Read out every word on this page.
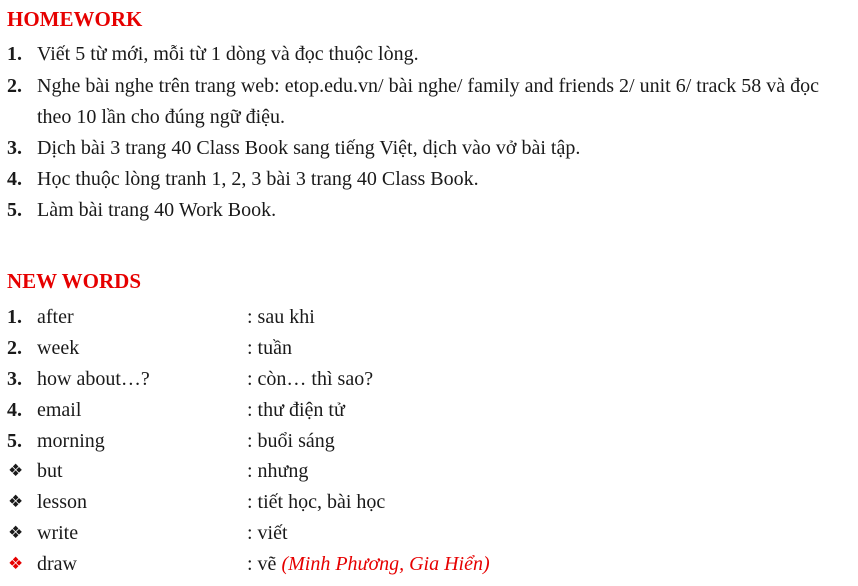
HOMEWORK
1. Viết 5 từ mới, mỗi từ 1 dòng và đọc thuộc lòng.
2. Nghe bài nghe trên trang web: etop.edu.vn/ bài nghe/ family and friends 2/ unit 6/ track 58 và đọc theo 10 lần cho đúng ngữ điệu.
3. Dịch bài 3 trang 40 Class Book sang tiếng Việt, dịch vào vở bài tập.
4. Học thuộc lòng tranh 1, 2, 3 bài 3 trang 40 Class Book.
5. Làm bài trang 40 Work Book.
NEW WORDS
1. after	: sau khi
2. week	: tuần
3. how about…?	: còn… thì sao?
4. email	: thư điện tử
5. morning	: buổi sáng
❖ but	: nhưng
❖ lesson	: tiết học, bài học
❖ write	: viết
❖ draw	: vẽ (Minh Phương, Gia Hiển)
